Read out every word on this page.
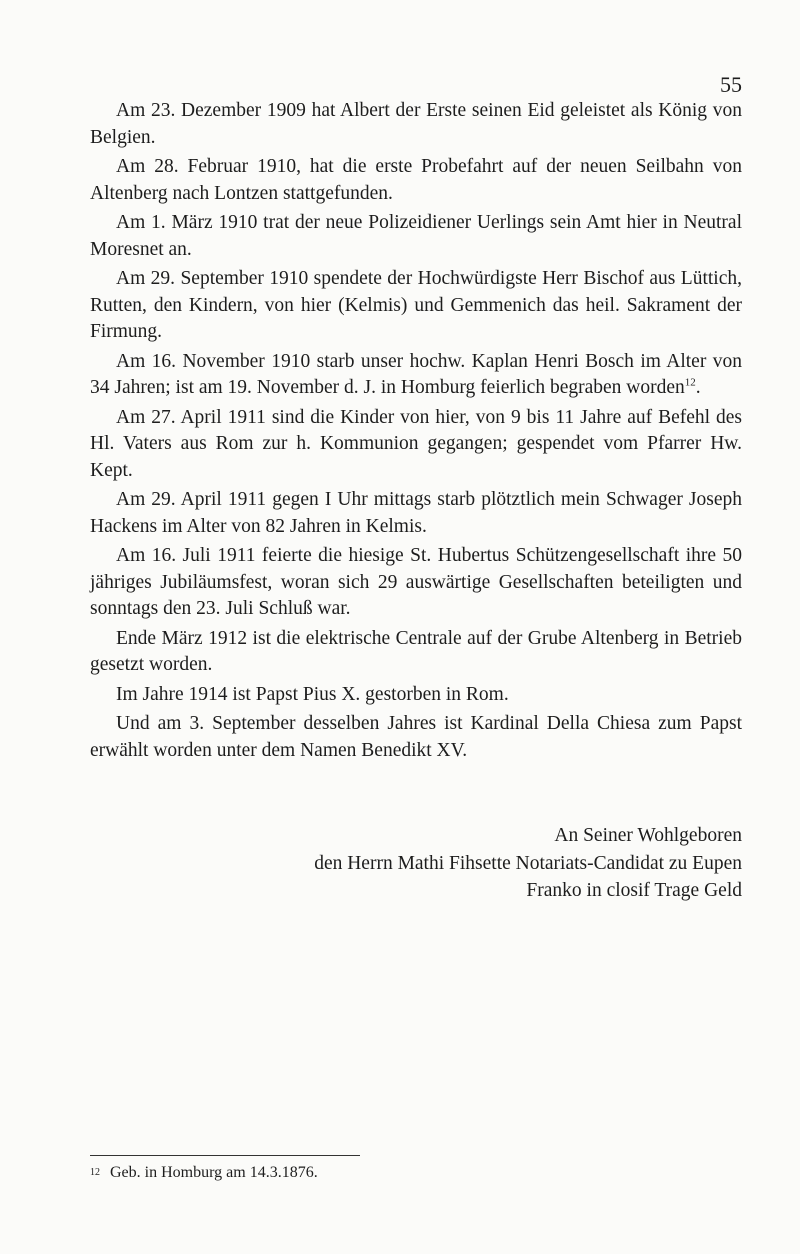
55

Am 23. Dezember 1909 hat Albert der Erste seinen Eid geleistet als König von Belgien.

Am 28. Februar 1910, hat die erste Probefahrt auf der neuen Seilbahn von Altenberg nach Lontzen stattgefunden.

Am 1. März 1910 trat der neue Polizeidiener Uerlings sein Amt hier in Neutral Moresnet an.

Am 29. September 1910 spendete der Hochwürdigste Herr Bischof aus Lüttich, Rutten, den Kindern, von hier (Kelmis) und Gemmenich das heil. Sakrament der Firmung.

Am 16. November 1910 starb unser hochw. Kaplan Henri Bosch im Alter von 34 Jahren; ist am 19. November d. J. in Homburg feierlich begraben worden$^{12}$.

Am 27. April 1911 sind die Kinder von hier, von 9 bis 11 Jahre auf Befehl des Hl. Vaters aus Rom zur h. Kommunion gegangen; gespendet vom Pfarrer Hw. Kept.

Am 29. April 1911 gegen I Uhr mittags starb plötztlich mein Schwager Joseph Hackens im Alter von 82 Jahren in Kelmis.

Am 16. Juli 1911 feierte die hiesige St. Hubertus Schützengesellschaft ihre 50 jähriges Jubiläumsfest, woran sich 29 auswärtige Gesellschaften beteiligten und sonntags den 23. Juli Schluß war.

Ende März 1912 ist die elektrische Centrale auf der Grube Altenberg in Betrieb gesetzt worden.

Im Jahre 1914 ist Papst Pius X. gestorben in Rom.

Und am 3. September desselben Jahres ist Kardinal Della Chiesa zum Papst erwählt worden unter dem Namen Benedikt XV.

An Seiner Wohlgeboren
den Herrn Mathi Fihsette Notariats-Candidat zu Eupen
Franko in closif Trage Geld
$^{12}$ Geb. in Homburg am 14.3.1876.
